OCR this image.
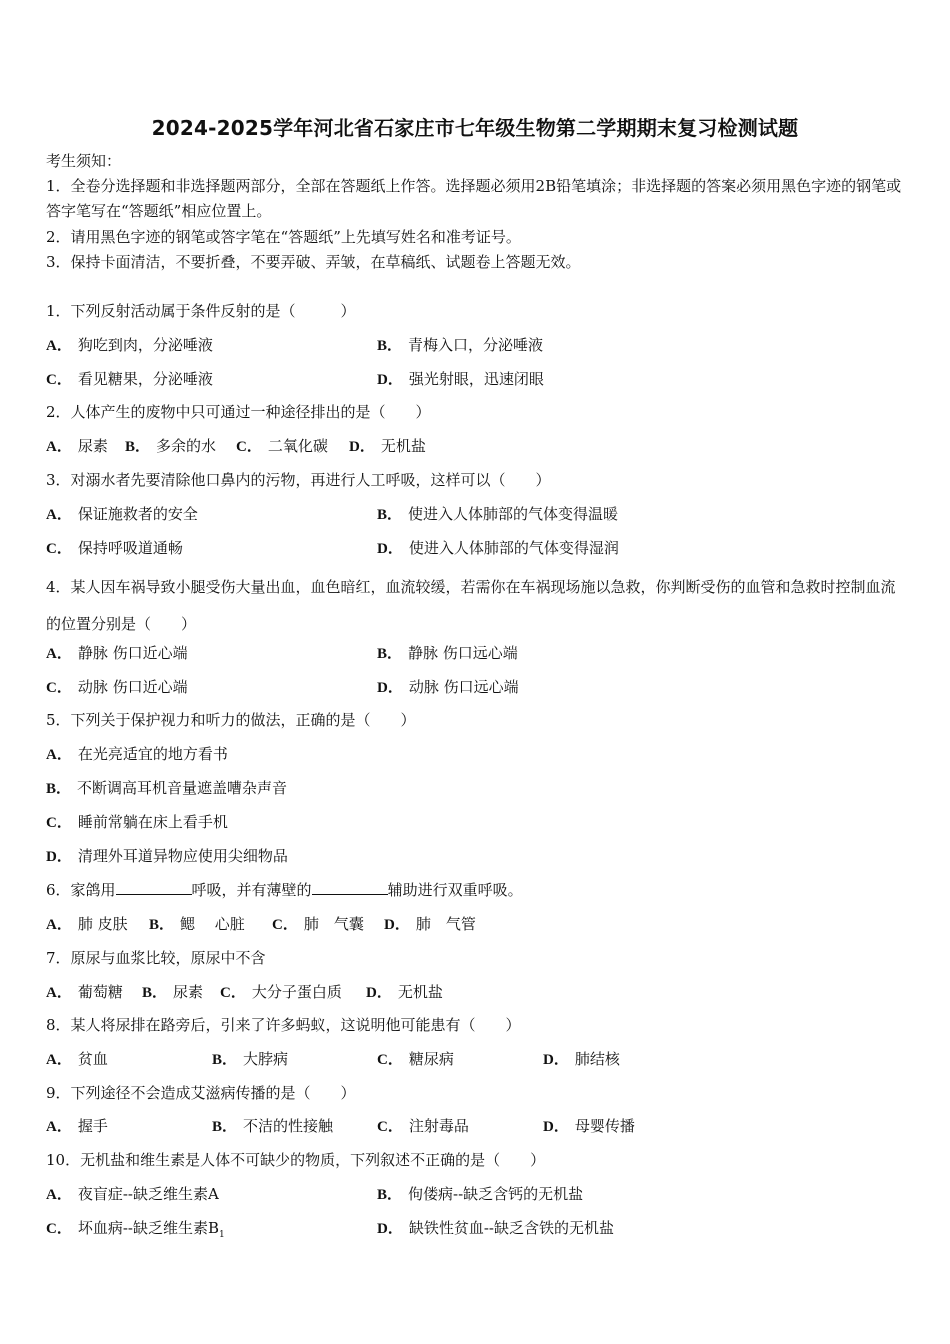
2024-2025学年河北省石家庄市七年级生物第二学期期末复习检测试题
考生须知：
1．全卷分选择题和非选择题两部分，全部在答题纸上作答。选择题必须用2B铅笔填涂；非选择题的答案必须用黑色字迹的钢笔或答字笔写在“答题纸”相应位置上。
2．请用黑色字迹的钢笔或答字笔在“答题纸”上先填写姓名和准考证号。
3．保持卡面清洁，不要折叠，不要弄破、弄皱，在草稿纸、试题卷上答题无效。
1．下列反射活动属于条件反射的是（　　　）
A． 狗吃到肉，分泌唾液	B． 青梅入口，分泌唾液
C． 看见糖果，分泌唾液	D． 强光射眼，迅速闭眼
2．人体产生的废物中只可通过一种途径排出的是（　　）
A． 尿素 B． 多余的水 C． 二氧化碳 D． 无机盐
3．对溺水者先要清除他口鼻内的污物，再进行人工呼吸，这样可以（　　）
A． 保证施救者的安全	B． 使进入人体肺部的气体变得温暖
C． 保持呼吸道通畅	D． 使进入人体肺部的气体变得湿润
4．某人因车祸导致小腿受伤大量出血，血色暗红，血流较缓，若需你在车祸现场施以急救，你判断受伤的血管和急救时控制血流的位置分别是（　　）
A． 静脉 伤口近心端	B． 静脉 伤口远心端
C． 动脉 伤口近心端	D． 动脉 伤口远心端
5．下列关于保护视力和听力的做法，正确的是（　　）
A． 在光亮适宜的地方看书
B． 不断调高耳机音量遮盖嘈杂声音
C． 睡前常躺在床上看手机
D． 清理外耳道异物应使用尖细物品
6．家鸽用	呼吸，并有薄壁的	辅助进行双重呼吸。
A． 肺 皮肤 B． 鳃　 心脏 C． 肺　气囊 D． 肺　气管
7．原尿与血浆比较，原尿中不含
A． 葡萄糖 B． 尿素 C． 大分子蛋白质 D． 无机盐
8．某人将尿排在路旁后，引来了许多蚂蚁，这说明他可能患有（　　）
A． 贫血	B． 大脖病	C． 糖尿病	D． 肺结核
9．下列途径不会造成艾滋病传播的是（　　）
A． 握手	B． 不洁的性接触	C． 注射毒品	D． 母婴传播
10．无机盐和维生素是人体不可缺少的物质，下列叙述不正确的是（　　）
A． 夜盲症--缺乏维生素A	B． 佝偻病--缺乏含钙的无机盐
C． 坏血病--缺乏维生素$B_1$	D． 缺铁性贫血--缺乏含铁的无机盐
